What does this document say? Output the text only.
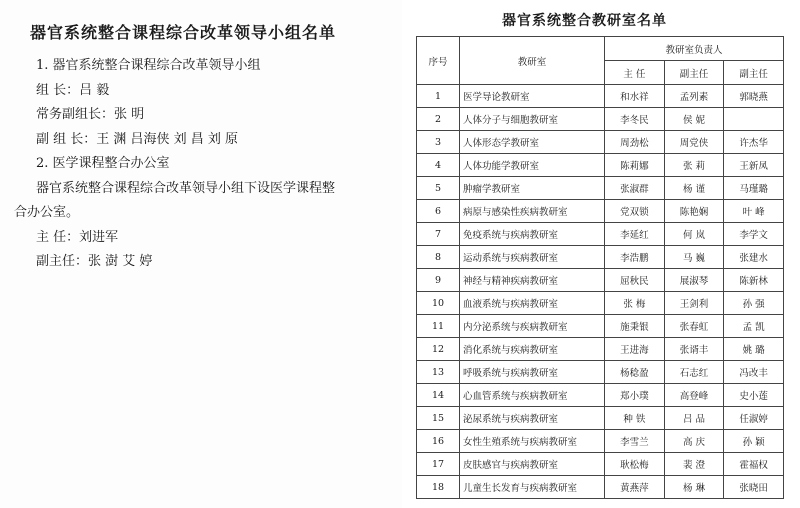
器官系统整合课程综合改革领导小组名单
1. 器官系统整合课程综合改革领导小组
组 长：吕 毅
常务副组长：张 明
副 组 长：王 渊 吕海侠 刘 昌 刘 原
2. 医学课程整合办公室
器官系统整合课程综合改革领导小组下设医学课程整
合办公室。
主 任：刘进军
副主任：张 澍 艾 婷
器官系统整合教研室名单
序号	教研室	教研室负责人		
		主 任	副主任	副主任
1	医学导论教研室	和水祥	孟列素	郭晓燕
2	人体分子与细胞教研室	李冬民	侯 妮	
3	人体形态学教研室	周劲松	周党侠	许杰华
4	人体功能学教研室	陈莉娜	张 莉	王新凤
5	肿瘤学教研室	张淑群	杨 谨	马瑾璐
6	病原与感染性疾病教研室	党双锁	陈艳娴	叶 峰
7	免疫系统与疾病教研室	李延红	何 岚	李学文
8	运动系统与疾病教研室	李浩鹏	马 巍	张建水
9	神经与精神疾病教研室	屈秋民	展淑琴	陈新林
10	血液系统与疾病教研室	张 梅	王剑利	孙 强
11	内分泌系统与疾病教研室	施秉银	张春虹	孟 凯
12	消化系统与疾病教研室	王进海	张谞丰	姚 璐
13	呼吸系统与疾病教研室	杨稔盈	石志红	冯改丰
14	心血管系统与疾病教研室	郑小璞	高登峰	史小莲
15	泌尿系统与疾病教研室	种 铁	吕 品	任淑婷
16	女性生殖系统与疾病教研室	李雪兰	高 庆	孙 颖
17	皮肤感官与疾病教研室	耿松梅	裴 澄	霍福权
18	儿童生长发育与疾病教研室	黄燕萍	杨 琳	张晓田
